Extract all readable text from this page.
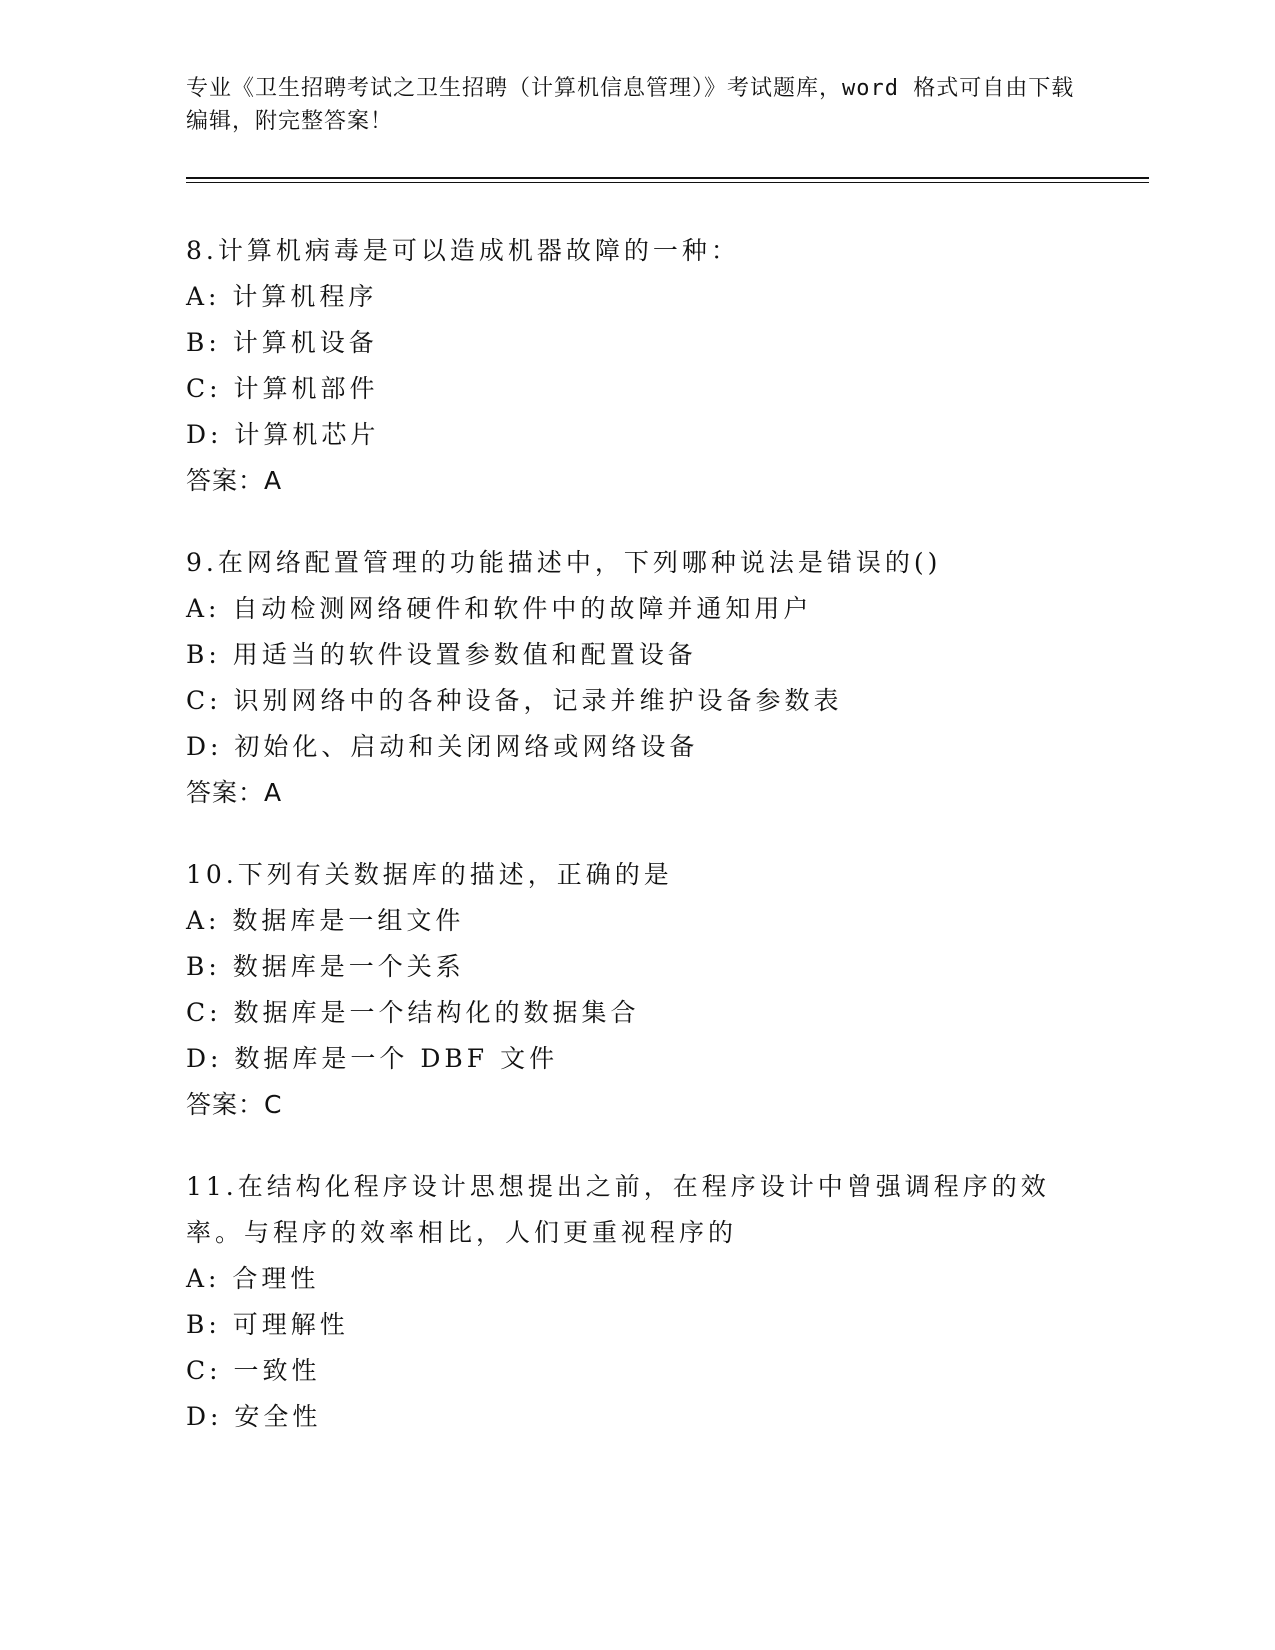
专业《卫生招聘考试之卫生招聘（计算机信息管理）》考试题库，word 格式可自由下载编辑，附完整答案！
8.计算机病毒是可以造成机器故障的一种：
A: 计算机程序
B: 计算机设备
C: 计算机部件
D: 计算机芯片
答案：A
9.在网络配置管理的功能描述中，下列哪种说法是错误的()
A: 自动检测网络硬件和软件中的故障并通知用户
B: 用适当的软件设置参数值和配置设备
C: 识别网络中的各种设备，记录并维护设备参数表
D: 初始化、启动和关闭网络或网络设备
答案：A
10.下列有关数据库的描述，正确的是
A: 数据库是一组文件
B: 数据库是一个关系
C: 数据库是一个结构化的数据集合
D: 数据库是一个 DBF 文件
答案：C
11.在结构化程序设计思想提出之前，在程序设计中曾强调程序的效率。与程序的效率相比，人们更重视程序的
A: 合理性
B: 可理解性
C: 一致性
D: 安全性
